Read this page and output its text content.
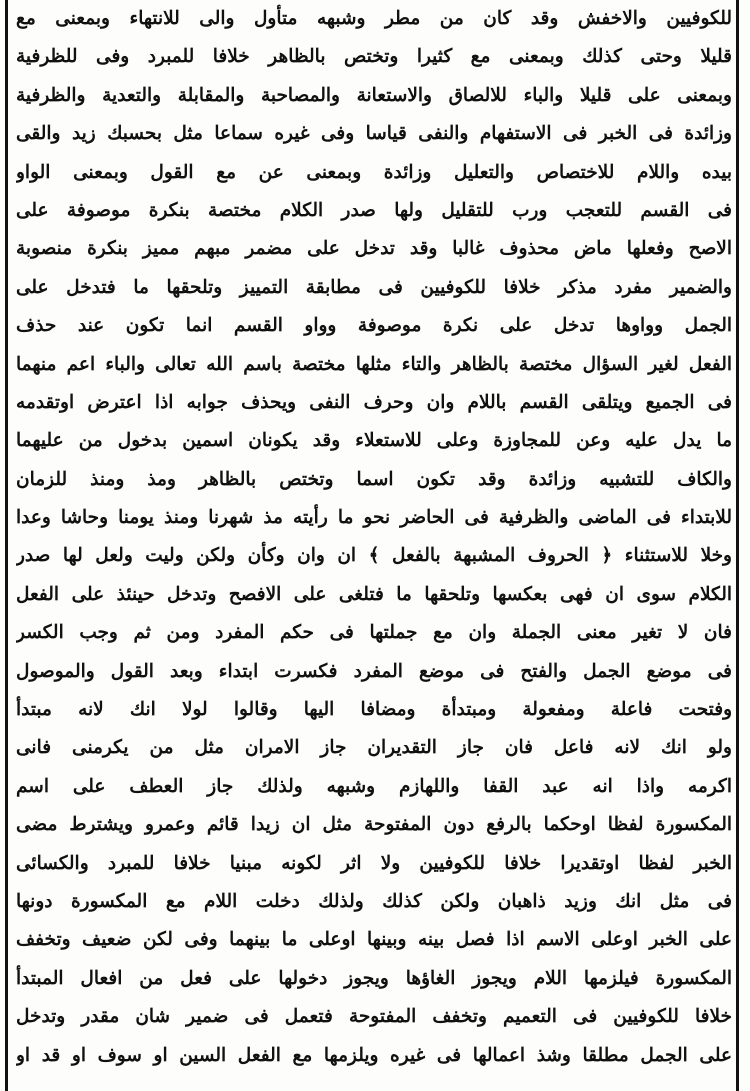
للكوفيين والاخفش وقد كان من مطر وشبهه متأول والى للانتهاء وبمعنى مع
قليلا وحتى كذلك وبمعنى مع كثيرا وتختص بالظاهر خلافا للمبرد وفى للظرفية
وبمعنى على قليلا والباء للالصاق والاستعانة والمصاحبة والمقابلة والتعدية والظرفية
وزائدة فى الخبر فى الاستفهام والنفى قياسا وفى غيره سماعا مثل بحسبك زيد والقى
بيده واللام للاختصاص والتعليل وزائدة وبمعنى عن مع القول وبمعنى الواو
فى القسم للتعجب ورب للتقليل ولها صدر الكلام مختصة بنكرة موصوفة على
الاصح وفعلها ماض محذوف غالبا وقد تدخل على مضمر مبهم مميز بنكرة منصوبة
والضمير مفرد مذكر خلافا للكوفيين فى مطابقة التمييز وتلحقها ما فتدخل على
الجمل وواوها تدخل على نكرة موصوفة وواو القسم انما تكون عند حذف
الفعل لغير السؤال مختصة بالظاهر والتاء مثلها مختصة باسم الله تعالى والباء اعم منهما
فى الجميع ويتلقى القسم باللام وان وحرف النفى ويحذف جوابه اذا اعترض اوتقدمه
ما يدل عليه وعن للمجاوزة وعلى للاستعلاء وقد يكونان اسمين بدخول من عليهما
والكاف للتشبيه وزائدة وقد تكون اسما وتختص بالظاهر ومذ ومنذ للزمان
للابتداء فى الماضى والظرفية فى الحاضر نحو ما رأيته مذ شهرنا ومنذ يومنا وحاشا وعدا
وخلا للاستثناء ﴿ الحروف المشبهة بالفعل ﴾ ان وان وكأن ولكن وليت ولعل لها صدر
الكلام سوى ان فهى بعكسها وتلحقها ما فتلغى على الافصح وتدخل حينئذ على الفعل
فان لا تغير معنى الجملة وان مع جملتها فى حكم المفرد ومن ثم وجب الكسر
فى موضع الجمل والفتح فى موضع المفرد فكسرت ابتداء وبعد القول والموصول
وفتحت فاعلة ومفعولة ومبتدأة ومضافا اليها وقالوا لولا انك لانه مبتدأ
ولو انك لانه فاعل فان جاز التقديران جاز الامران مثل من يكرمنى فانى
اكرمه واذا انه عبد القفا واللهازم وشبهه ولذلك جاز العطف على اسم
المكسورة لفظا اوحكما بالرفع دون المفتوحة مثل ان زيدا قائم وعمرو ويشترط مضى
الخبر لفظا اوتقديرا خلافا للكوفيين ولا اثر لكونه مبنيا خلافا للمبرد والكسائى
فى مثل انك وزيد ذاهبان ولكن كذلك ولذلك دخلت اللام مع المكسورة دونها
على الخبر اوعلى الاسم اذا فصل بينه وبينها اوعلى ما بينهما وفى لكن ضعيف وتخفف
المكسورة فيلزمها اللام ويجوز الغاؤها ويجوز دخولها على فعل من افعال المبتدأ
خلافا للكوفيين فى التعميم وتخفف المفتوحة فتعمل فى ضمير شان مقدر وتدخل
على الجمل مطلقا وشذ اعمالها فى غيره ويلزمها مع الفعل السين او سوف او قد او
